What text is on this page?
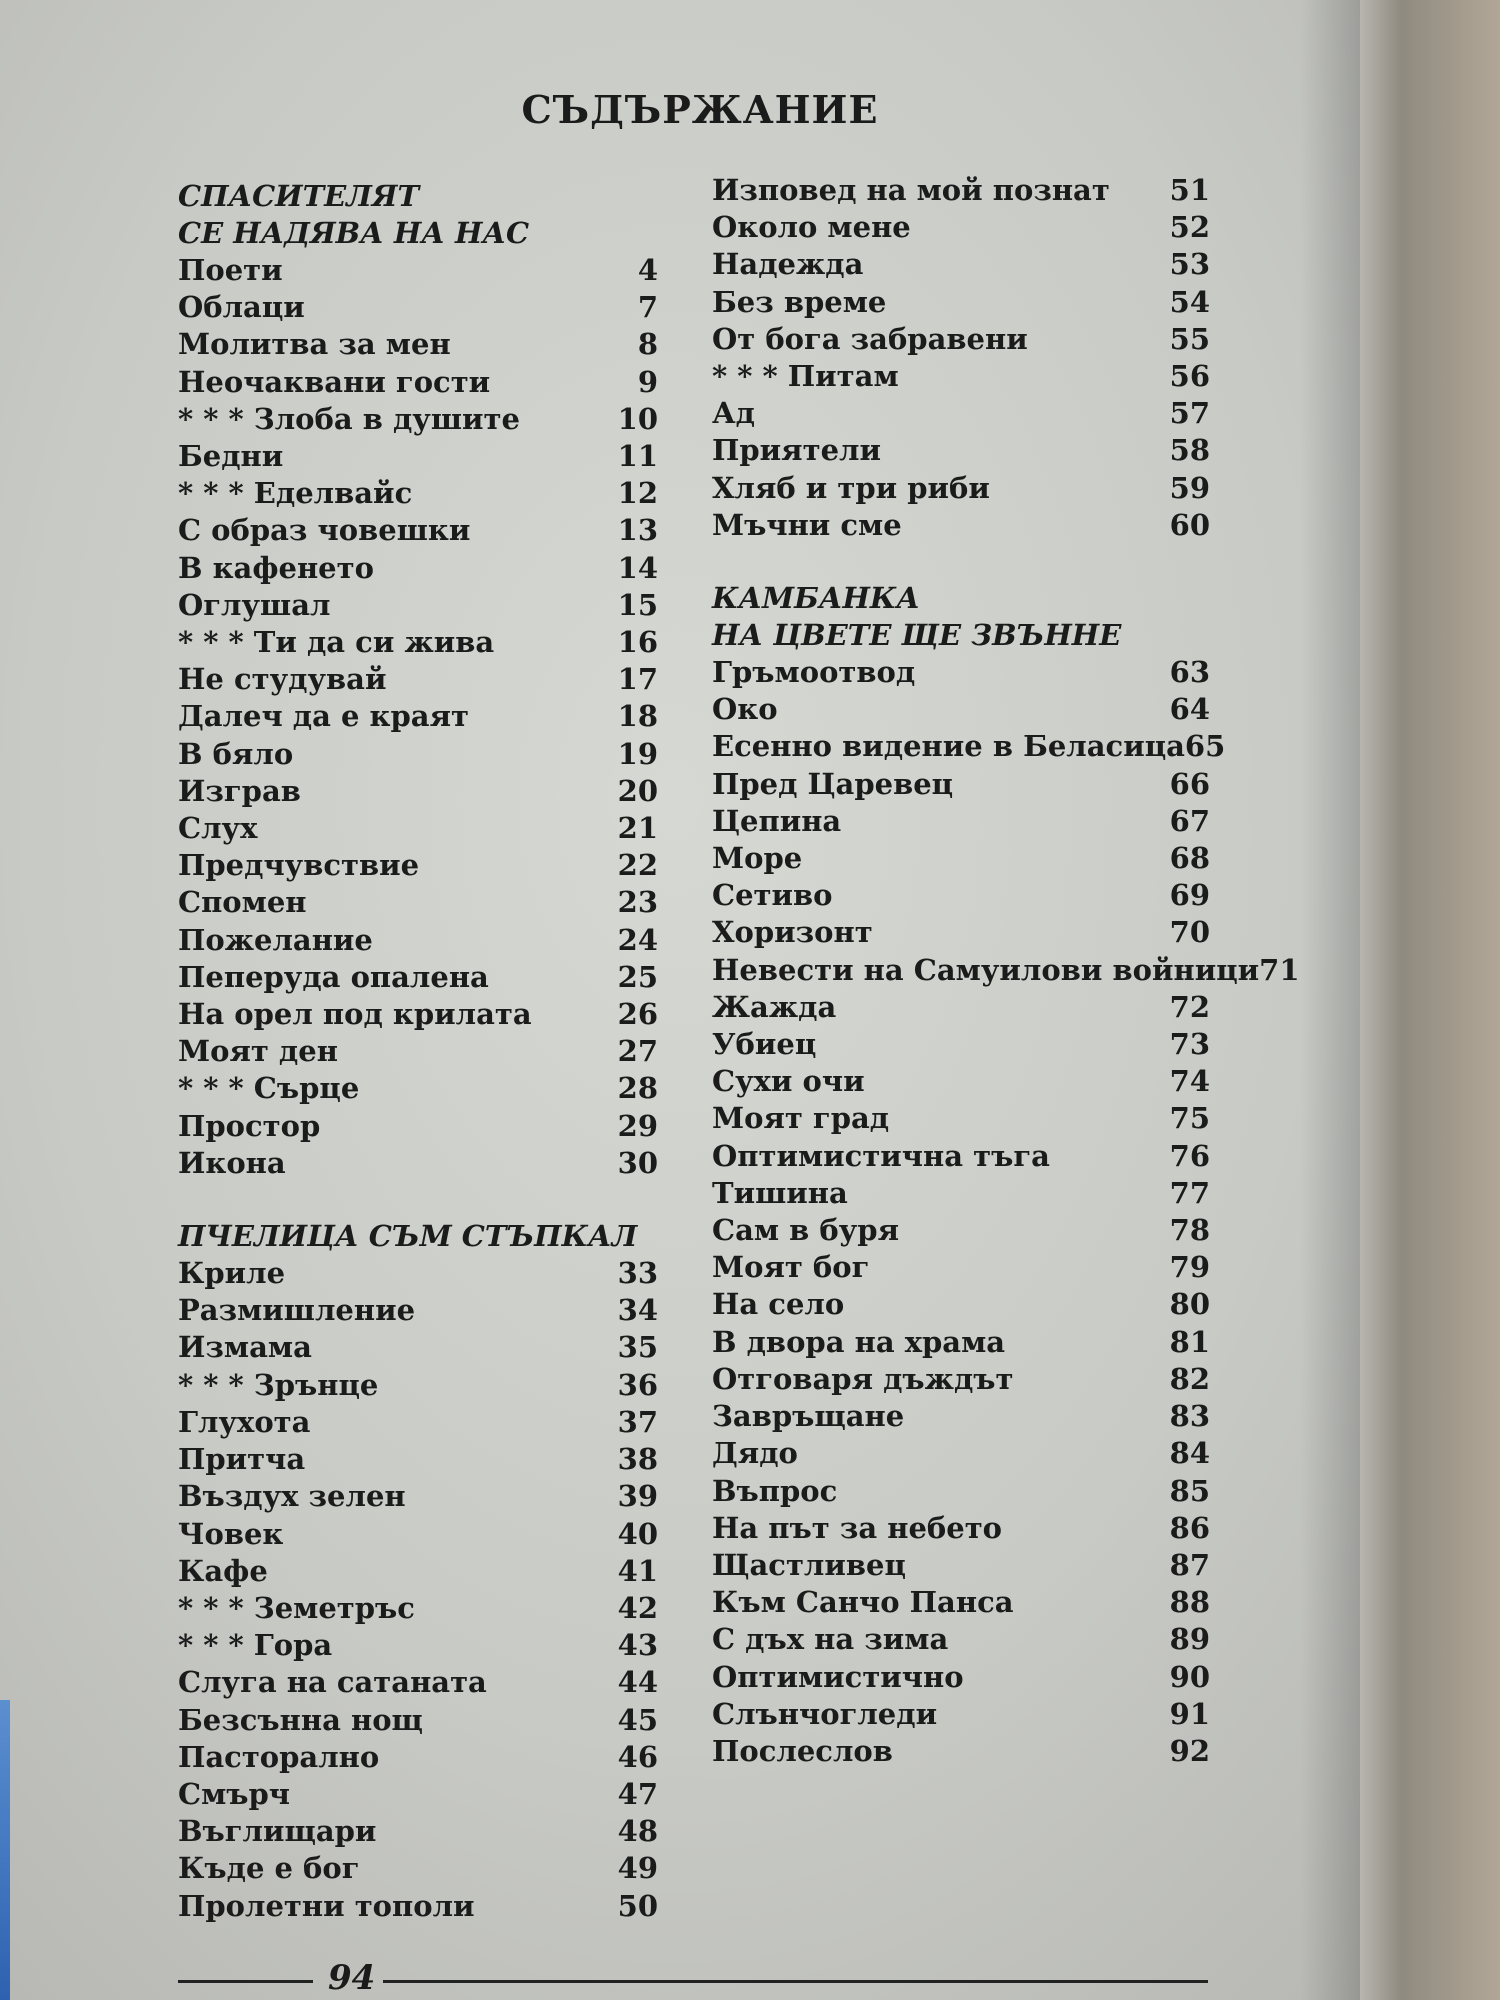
СЪДЪРЖАНИЕ
СПАСИТЕЛЯТ
СЕ НАДЯВА НА НАС
Поети	4
Облаци	7
Молитва за мен	8
Неочаквани гости	9
* * * Злоба в душите	10
Бедни	11
* * * Еделвайс	12
С образ човешки	13
В кафенето	14
Оглушал	15
* * * Ти да си жива	16
Не студувай	17
Далеч да е краят	18
В бяло	19
Изграв	20
Слух	21
Предчувствие	22
Спомен	23
Пожелание	24
Пеперуда опалена	25
На орел под крилата	26
Моят ден	27
* * * Сърце	28
Простор	29
Икона	30
ПЧЕЛИЦА СЪМ СТЪПКАЛ
Криле	33
Размишление	34
Измама	35
* * * Зрънце	36
Глухота	37
Притча	38
Въздух зелен	39
Човек	40
Кафе	41
* * * Земетръс	42
* * * Гора	43
Слуга на сатаната	44
Безсънна нощ	45
Пасторално	46
Смърч	47
Въглищари	48
Къде е бог	49
Пролетни тополи	50
Изповед на мой познат 51
Около мене	52
Надежда	53
Без време	54
От бога забравени	55
* * * Питам	56
Ад	57
Приятели	58
Хляб и три риби	59
Мъчни сме	60
КАМБАНКА
НА ЦВЕТЕ ЩЕ ЗВЪННЕ
Гръмоотвод	63
Око	64
Есенно видение в Беласица 65
Пред Царевец	66
Цепина	67
Море	68
Сетиво	69
Хоризонт	70
Невести на Самуилови войници 71
Жажда	72
Убиец	73
Сухи очи	74
Моят град	75
Оптимистична тъга	76
Тишина	77
Сам в буря	78
Моят бог	79
На село	80
В двора на храма	81
Отговаря дъждът	82
Завръщане	83
Дядо	84
Въпрос	85
На път за небето	86
Щастливец	87
Към Санчо Панса	88
С дъх на зима	89
Оптимистично	90
Слънчогледи	91
Послеслов	92
94
